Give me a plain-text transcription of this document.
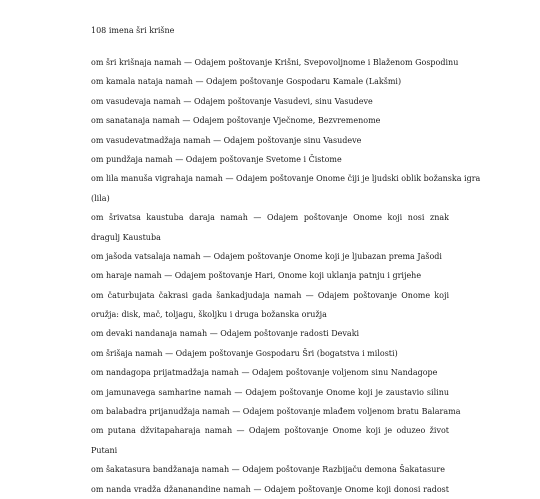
108 imena šri krišne
om šri krišnaja namah — Odajem poštovanje Krišni, Svepovoljnome i Blaženom Gospodinu
om kamala nataja namah — Odajem poštovanje Gospodaru Kamale (Lakšmi)
om vasudevaja namah — Odajem poštovanje Vasudevi, sinu Vasudeve
om sanatanaja namah — Odajem poštovanje Vječnome, Bezvremenome
om vasudevatmadžaja namah — Odajem poštovanje sinu Vasudeve
om pundžaja namah — Odajem poštovanje Svetome i Čistome
om lila manuša vigrahaja namah — Odajem poštovanje Onome čiji je ljudski oblik božanska igra
(lila)
om šrivatsa kaustuba daraja namah — Odajem poštovanje Onome koji nosi znak
dragulj Kaustuba
om jašoda vatsalaja namah — Odajem poštovanje Onome koji je ljubazan prema Jašodi
om haraje namah — Odajem poštovanje Hari, Onome koji uklanja patnju i grijehe
om čaturbujata čakrasi gada šankadjudaja namah — Odajem poštovanje Onome koji
oružja: disk, mač, toljagu, školjku i druga božanska oružja
om devaki nandanaja namah — Odajem poštovanje radosti Devaki
om šrišaja namah — Odajem poštovanje Gospodaru Šri (bogatstva i milosti)
om nandagopa prijatmadžaja namah — Odajem poštovanje voljenom sinu Nandagope
om jamunavega samharine namah — Odajem poštovanje Onome koji je zaustavio silinu
om balabadra prijanudžaja namah — Odajem poštovanje mlađem voljenom bratu Balarama
om putana džvitapaharaja namah — Odajem poštovanje Onome koji je oduzeo život
Putani
om šakatasura bandžanaja namah — Odajem poštovanje Razbijaču demona Šakatasure
om nanda vradža džananandine namah — Odajem poštovanje Onome koji donosi radost
